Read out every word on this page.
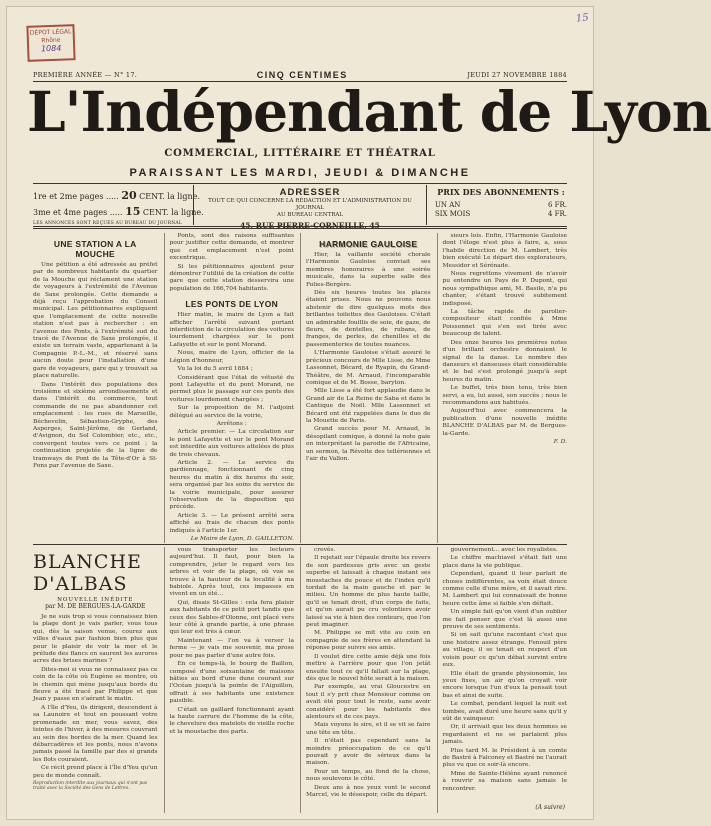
DÉPOT LÉGAL
Rhône
1084
15
PREMIÈRE ANNÉE — N° 17.	CINQ CENTIMES	JEUDI 27 NOVEMBRE 1884
L'Indépendant de Lyon
COMMERCIAL, LITTÉRAIRE ET THÉATRAL
PARAISSANT LES MARDI, JEUDI & DIMANCHE
1re et 2me pages ..... 20 CENT. la ligne.
3me et 4me pages ..... 15 CENT. la ligne.
LES ANNONCES SONT REÇUES AU BUREAU DU JOURNAL
ADRESSER
TOUT CE QUI CONCERNE LA RÉDACTION ET L'ADMINISTRATION DU JOURNAL
AU BUREAU CENTRAL
PRIX DES ABONNEMENTS :
UN AN	6 FR.
SIX MOIS	4 FR.
UNE STATION A LA MOUCHE

Une pétition a été adressée au préfet par de nombreux habitants du quartier de la Mouche qui réclament une station de voyageurs à l'extrémité de l'Avenue de Saxe prolongée. Cette demande a déjà reçu l'approbation du Conseil municipal. Les pétitionnaires expliquent que l'emplacement de cette nouvelle station n'est pas à rechercher : en l'avenue des Ponts, à l'extrémité sud du tracé de l'Avenue de Saxe prolongée, il existe un terrain vaste, appartenant à la Compagnie P.-L.-M., et réservé sans aucun doute pour l'installation d'une gare de voyageurs, gare qui y trouvait sa place naturelle.

Dans l'intérêt des populations des troisième et sixième arrondissements et dans l'intérêt du commerce, tout commande de ne pas abandonner cet emplacement : les rues de Marseille, Béchevelin, Sébastien-Gryphe, des Asperges, Saint-Jérôme, de Gerland, d'Avignon, du Sol Colombier, etc., etc., convergent toutes vers ce point ; la continuation projetée de la ligne de tramways de Pont de la Tête-d'Or à St-Fons par l'avenue de Saxe.

Ponts, sont des raisons suffisantes pour justifier cette demande, et montrer que cet emplacement n'est point excentrique.

Si les pétitionnaires ajoutent pour démontrer l'utilité de la création de cette gare que cette station desservira une population de 166,704 habitants.

LES PONTS DE LYON

Hier matin, le maire de Lyon a fait afficher l'arrêté suivant portant interdiction de la circulation des voitures lourdement chargées sur le pont Lafayette et sur le pont Morand.

Nous, maire de Lyon, officier de la Légion d'honneur,

Vu la loi du 5 avril 1884 ;

Considérant que l'état de vétusté du pont Lafayette et du pont Morand, ne permet plus le passage sur ces ponts des voitures lourdement chargées ;

Sur la proposition de M. l'adjoint délégué au service de la voirie,

Arrêtons :

Article premier. — La circulation sur le pont Lafayette et sur le pont Morand est interdite aux voitures attelées de plus de trois chevaux.

Article 2. — Le service du gardiennage, fonctionnant de cinq heures du matin à dix heures du soir, sera organisé par les soins du service de la voirie municipale, pour assurer l'observation de la disposition qui précède.

Article 3. — Le présent arrêté sera affiché au frais de chacun des ponts indiqués à l'article 1er.

Le Maire de Lyon, D. GAILLETON.

HARMONIE GAULOISE

Hier, la vaillante société chorale l'Harmonie Gauloise conviait ses membres honoraires à une soirée musicale, dans la superbe salle des Folies-Bergère.

Dès six heures toutes les places étaient prises. Nous ne pouvons nous abstenir de dire quelques mots des brillantes toilettes des Gauloises. C'était un admirable fouillis de soie, de gaze, de fleurs, de dentelles, de rubans, de franges, de perles, de chenilles et de passementeries de toutes nuances.

L'Harmonie Gauloise s'était assuré le précieux concours de Mlle Lisse, de Mme Lassonnet, Bécard, de Ryapin, du Grand-Théâtre, de M. Arnaud, l'incomparable comique et de M. Bosse, baryton.

Mlle Lisse a été fort applaudie dans le Grand air de La Reine de Saba et dans le Cantique de Noël. Mlle Lassonnet et Bécard ont été rappelées dans le duo de la Mouette de Paris.

Grand succès pour M. Arnaud, le désopilant comique, à donné la note gaie en interprétant la parodie de l'Africaine, un sermon, la Révolte des tellériennes et l'air du Vallon.

sieurs lois. Enfin, l'Harmonie Gauloise dont l'éloge n'est plus à faire, a, sous l'habile direction de M. Lambert, très bien exécuté Le départ des explorateurs, Messidor et Sérénade.

Nous regrettons vivement de n'avoir pu entendre un Pays de P. Dupont, qui nous sympathique ami, M. Basile, n'a pu chanter, s'étant trouvé subitement indisposé.

La tâche rapide de parolier-compositeur était confiée à Mme Poissonnet qui s'en est tirée avec beaucoup de talent.

Des onze heures les premières notes d'un brillant orchestre donnaient le signal de la danse. Le nombre des danseurs et danseuses était considérable et le bal s'est prolongé jusqu'à sept heures du matin.

Le buffet, très bien tenu, très bien servi, a eu, lui aussi, son succès ; nous le recommandons aux habitués.

Aujourd'hui avec commencera la publication d'une nouvelle inédite BLANCHE D'ALBAS par M. de Bergues-la-Garde.

F. D.

BLANCHE D'ALBAS
NOUVELLE INÉDITE
par M. DE BERGUES-LA-GARDE

Je ne suis trop si vous connaissez bien la plage dont je vais parler, vous tous qui, dès la saison venue, courez aux villes d'eaux par fashion bien plus que pour le plaisir de voir la mer et le prélude des flancs en saurent les aurores acres des brises marines ?

Dites-moi si vous ne connaissez pas ce coin de la côte où Eugène se montre, où le chemin qui mène jusqu'aux bords du fleuve a été tracé par Philippe et que Jean y passe en s'aérant le matin.

A l'île d'Yeu, ils dirigent, descendent à sa Launoire et tout en poussant votre promenade en mer, vous savez, des teintes de l'hiver, à des mesures couvrant au sein des bordes de la mer. Quand les débarcadères et les ponts, nous n'avons jamais passé la famille par des si grands les flots couraient.

Ce récit prend place à l'Île d'Yeu qu'un peu de monde connaît.

Reproduction interdite aux journaux qui n'ont pas traité avec la Société des Gens de Lettres.

vous transporter les lecteurs aujourd'hui. Il faut, pour bien la comprendre, jeter le regard vers les arbres et voir de la plage, où vue se trouve à la hauteur de la localité à ma babiole. Après tout, ces impasses en vivent en un été...

Qui, disais St-Gilles : cela fera plaisir aux habitants de ce petit port tandis que ceux des Sables-d'Olonne, ont placé vers leur côté à grande partie, à une phrase qui leur est très à cœur.

Maintenant — l'on va à verser la ferme — je vais me souvenir, ma prose pour ne pas parler d'une autre fois.

En ce temps-là, le bourg de Baillon, composé d'une soixantaine de maisons bâties au bord d'une dune courant sur l'Océan jusqu'à la pointe de l'Aiguillon, offrait à ses habitants une existence paisible.

C'était un gaillard fonctionnant ayant la haute carrure de l'homme de la côte, le chevelure des matelots de vieille roche et la moustache des parts.

crevés.

Il rejetait sur l'épaule droite les revers de son pardessus gris avec un geste superbe et laissait à chaque instant ses moustaches du pouce et de l'index qu'il tordait de la main gauche et par le milieu. Un homme de plus haute taille, qu'il se tenait droit, d'un corps de faits, et qu'on aurait pu cru volontiers avoir laissé sa vie à bien des conteurs, que l'on peut imaginer.

M. Philippe se mit vite au coin en compagnie de ses frères en attendant la réponse pour suivre ses amis.

Il voulut dire cette amie déjà une fois mettre à l'arrière pour que l'on jetât ensuite tout ce qu'il fallait sur la plage, dès que le nouvel hôte serait à la maison.

Par exemple, au vrai Gloucestre en tout il s'y prit chez Monsieur comme on avait été pour tout le reste, sans avoir considéré pour les habitants des alentours et de ces pays.

Mais voyons le sire, et il se vit se faire une tête en tête.

Il n'était pas cependant sans la moindre préoccupation de ce qu'il pouvait y avoir de sérieux dans la maison.

Pour un temps, au fond de la chose, nous soulevons le côté.

Deux ans à nos yeux vont le second Marcel, vie le désespoir, celle du départ.

gouvernement... avec les royalistes.

Le chiffre machiavel s'était fait une place dans la vie publique.

Cependant, quand il leur parlait de choses indifférentes, sa voix était douce comme celle d'une mère, et il savait rire. M. Lambert qui lui connaissait de bonne heure cette âme si faible s'en défiait.

Un simple fait qu'on vient d'un oublier me fait penser que c'est là aussi une preuve de ses sentiments.

Si on sait qu'une racontant c'est que une histoire assez étrange. Fenouil père au village, il se tenait en respect d'un voisin pour ce qu'un débat survint entre eux.

Elle était de grande physionomie, les yeux fixes, un air qu'on croyait voir encore lorsque l'un d'eux la pensait tout bas et ainsi de suite.

Le combat, pendant lequel la nuit est tombée, avait duré une heure sans qu'il y eût de vainqueur.

Or, il arrivait que les deux hommes se regardaient et ne se parlaient plus jamais.

Plus tard M. le Président à un comte de Bastré à Falconey et Bastré ne l'aurait plus vu que ce soir-là encore.

Mme de Sainte-Hélène ayant renoncé à rouvrir sa maison sans jamais le rencontrer.

(A suivre)
